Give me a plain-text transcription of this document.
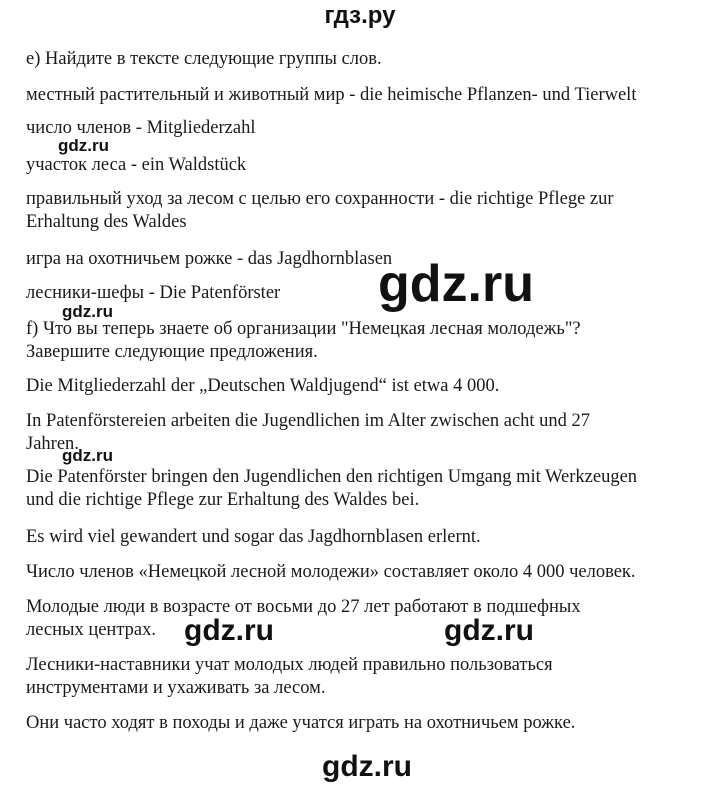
гдз.ру
е) Найдите в тексте следующие группы слов.
местный растительный и животный мир - die heimische Pflanzen- und Tierwelt
число членов - Mitgliederzahl
участок леса - ein Waldstück
правильный уход за лесом с целью его сохранности - die richtige Pflege zur
Erhaltung des Waldes
игра на охотничьем рожке - das Jagdhornblasen
лесники-шефы - Die Patenförster
f) Что вы теперь знаете об организации "Немецкая лесная молодежь"?
Завершите следующие предложения.
Die Mitgliederzahl der „Deutschen Waldjugend“ ist etwa 4 000.
In Patenförstereien arbeiten die Jugendlichen im Alter zwischen acht und 27
Jahren.
Die Patenförster bringen den Jugendlichen den richtigen Umgang mit Werkzeugen
und die richtige Pflege zur Erhaltung des Waldes bei.
Es wird viel gewandert und sogar das Jagdhornblasen erlernt.
Число членов «Немецкой лесной молодежи» составляет около 4 000 человек.
Молодые люди в возрасте от восьми до 27 лет работают в подшефных
лесных центрах.
Лесники-наставники учат молодых людей правильно пользоваться
инструментами и ухаживать за лесом.
Они часто ходят в походы и даже учатся играть на охотничьем рожке.
gdz.ru
gdz.ru
gdz.ru
gdz.ru
gdz.ru	gdz.ru
gdz.ru
